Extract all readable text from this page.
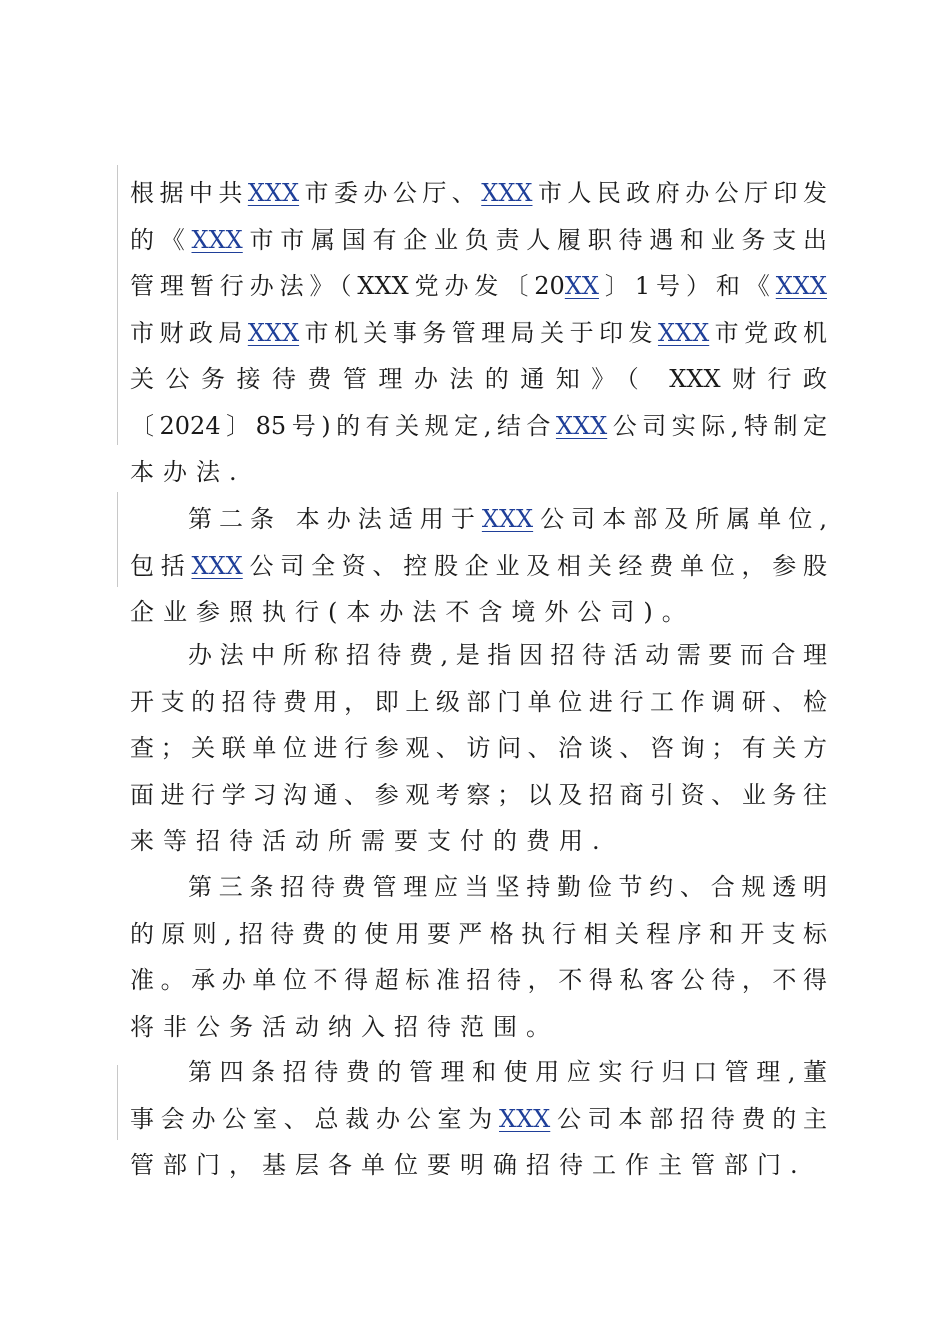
根据中共XXX市委办公厅、XXX市人民政府办公厅印发
的《XXX市市属国有企业负责人履职待遇和业务支出
管理暂行办法》（XXX党办发〔20XX〕1号）和《XXX
市财政局XXX市机关事务管理局关于印发XXX市党政机
关公务接待费管理办法的通知》（ XXX财行政
〔2024〕85号)的有关规定,结合XXX公司实际,特制定
本办法.
第二条 本办法适用于XXX公司本部及所属单位,
包括XXX公司全资、控股企业及相关经费单位，参股
企业参照执行(本办法不含境外公司)。
办法中所称招待费,是指因招待活动需要而合理
开支的招待费用，即上级部门单位进行工作调研、检
查；关联单位进行参观、访问、洽谈、咨询；有关方
面进行学习沟通、参观考察；以及招商引资、业务往
来等招待活动所需要支付的费用.
第三条招待费管理应当坚持勤俭节约、合规透明
的原则,招待费的使用要严格执行相关程序和开支标
准。承办单位不得超标准招待，不得私客公待，不得
将非公务活动纳入招待范围。
第四条招待费的管理和使用应实行归口管理,董
事会办公室、总裁办公室为XXX公司本部招待费的主
管部门，基层各单位要明确招待工作主管部门.
